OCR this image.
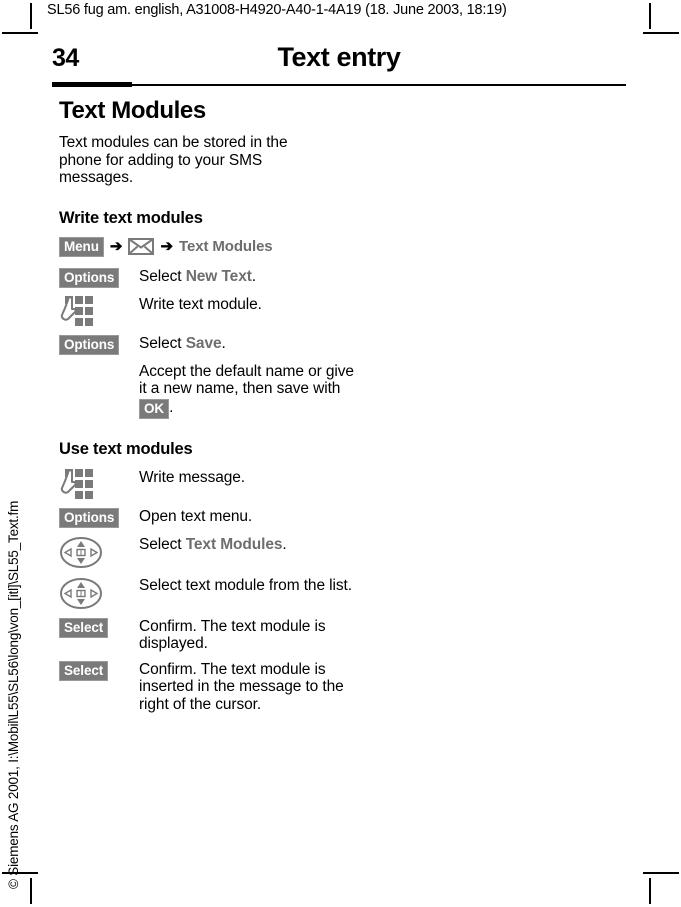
SL56 fug am. english, A31008-H4920-A40-1-4A19 (18. June 2003, 18:19)
34	Text entry
© Siemens AG 2001, I:\Mobil\L55\SL56\long\von_[itl]\SL55_Text.fm
Text Modules

Text modules can be stored in the phone for adding to your SMS messages.

Write text modules
Menu ➔	➔ Text Modules
Options	Select New Text.
Write text module.
Options	Select Save.
Accept the default name or give it a new name, then save with OK .
Use text modules
Write message.
Options	Open text menu.
Select Text Modules.
Select text module from the list.
Select	Confirm. The text module is displayed.
Select	Confirm. The text module is inserted in the message to the right of the cursor.
